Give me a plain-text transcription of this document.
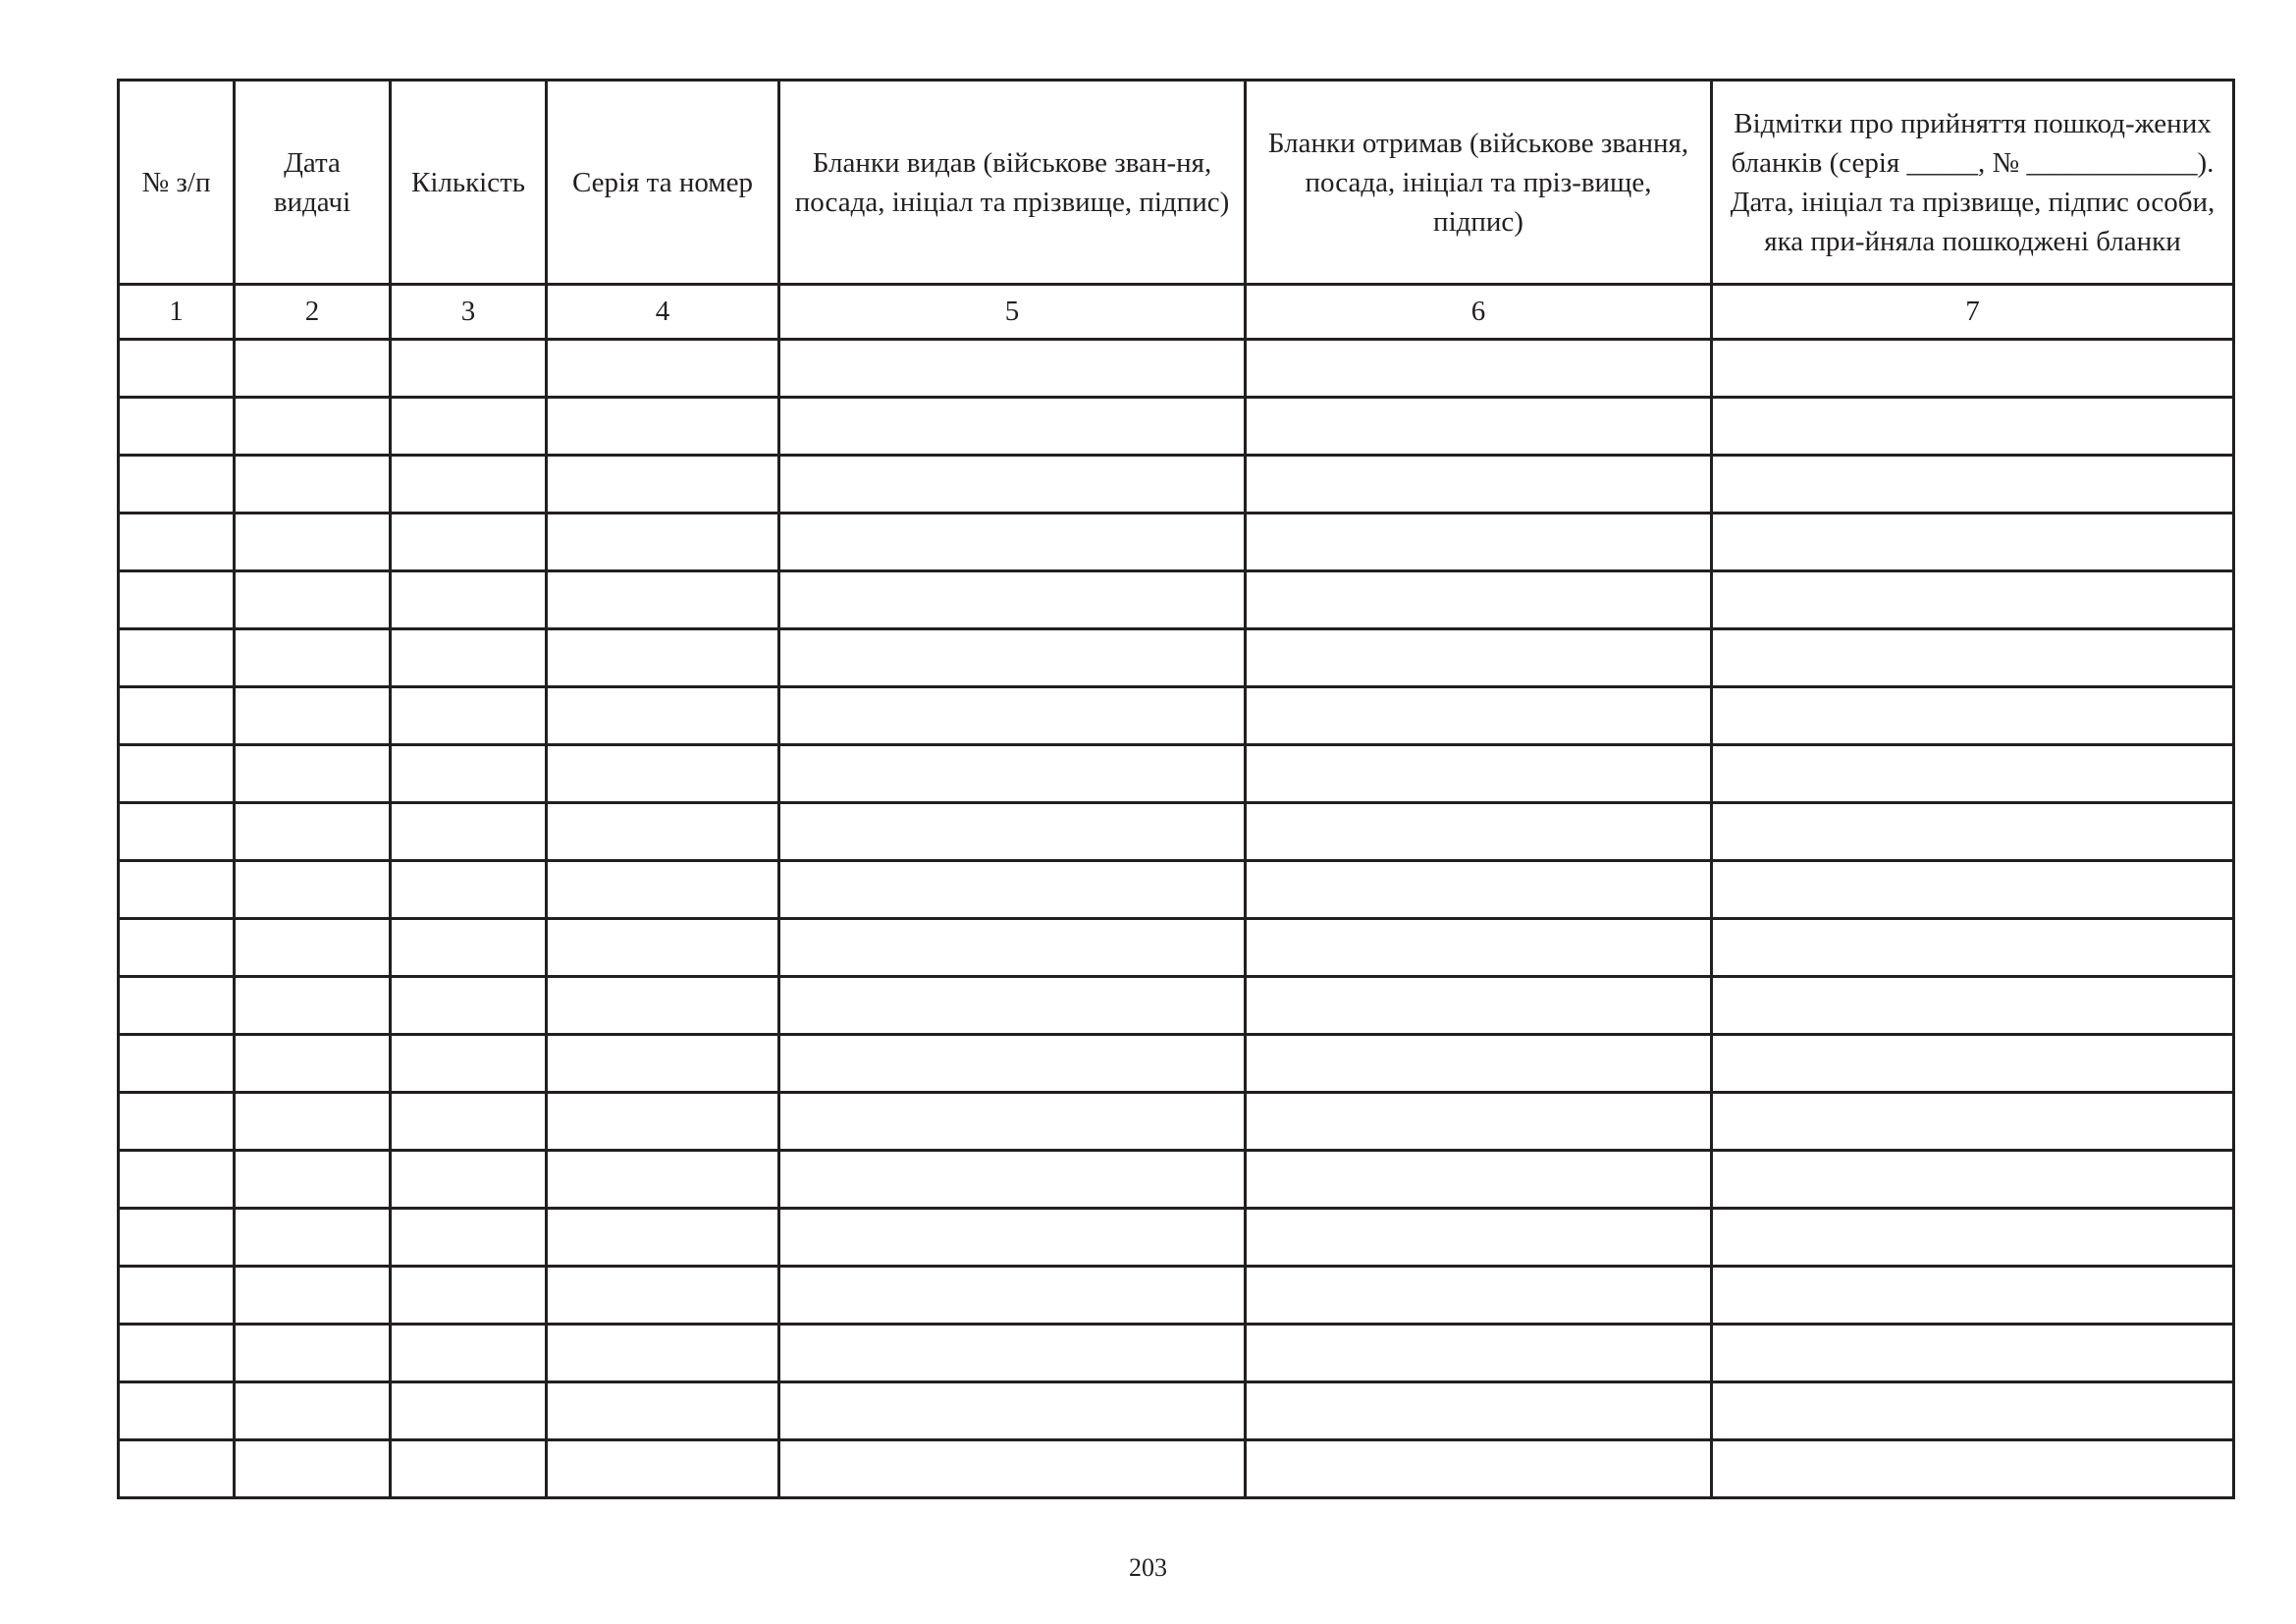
№ з/п	Дата видачі	Кількість	Серія та номер	Бланки видав (військове зван-ня, посада, ініціал та прізвище, підпис)	Бланки отримав (військове звання, посада, ініціал та пріз-вище, підпис)	Відмітки про прийняття пошкод-жених бланків (серія _____, № ____________). Дата, ініціал та прізвище, підпис особи, яка при-йняла пошкоджені бланки
1	2	3	4	5	6	7

203
